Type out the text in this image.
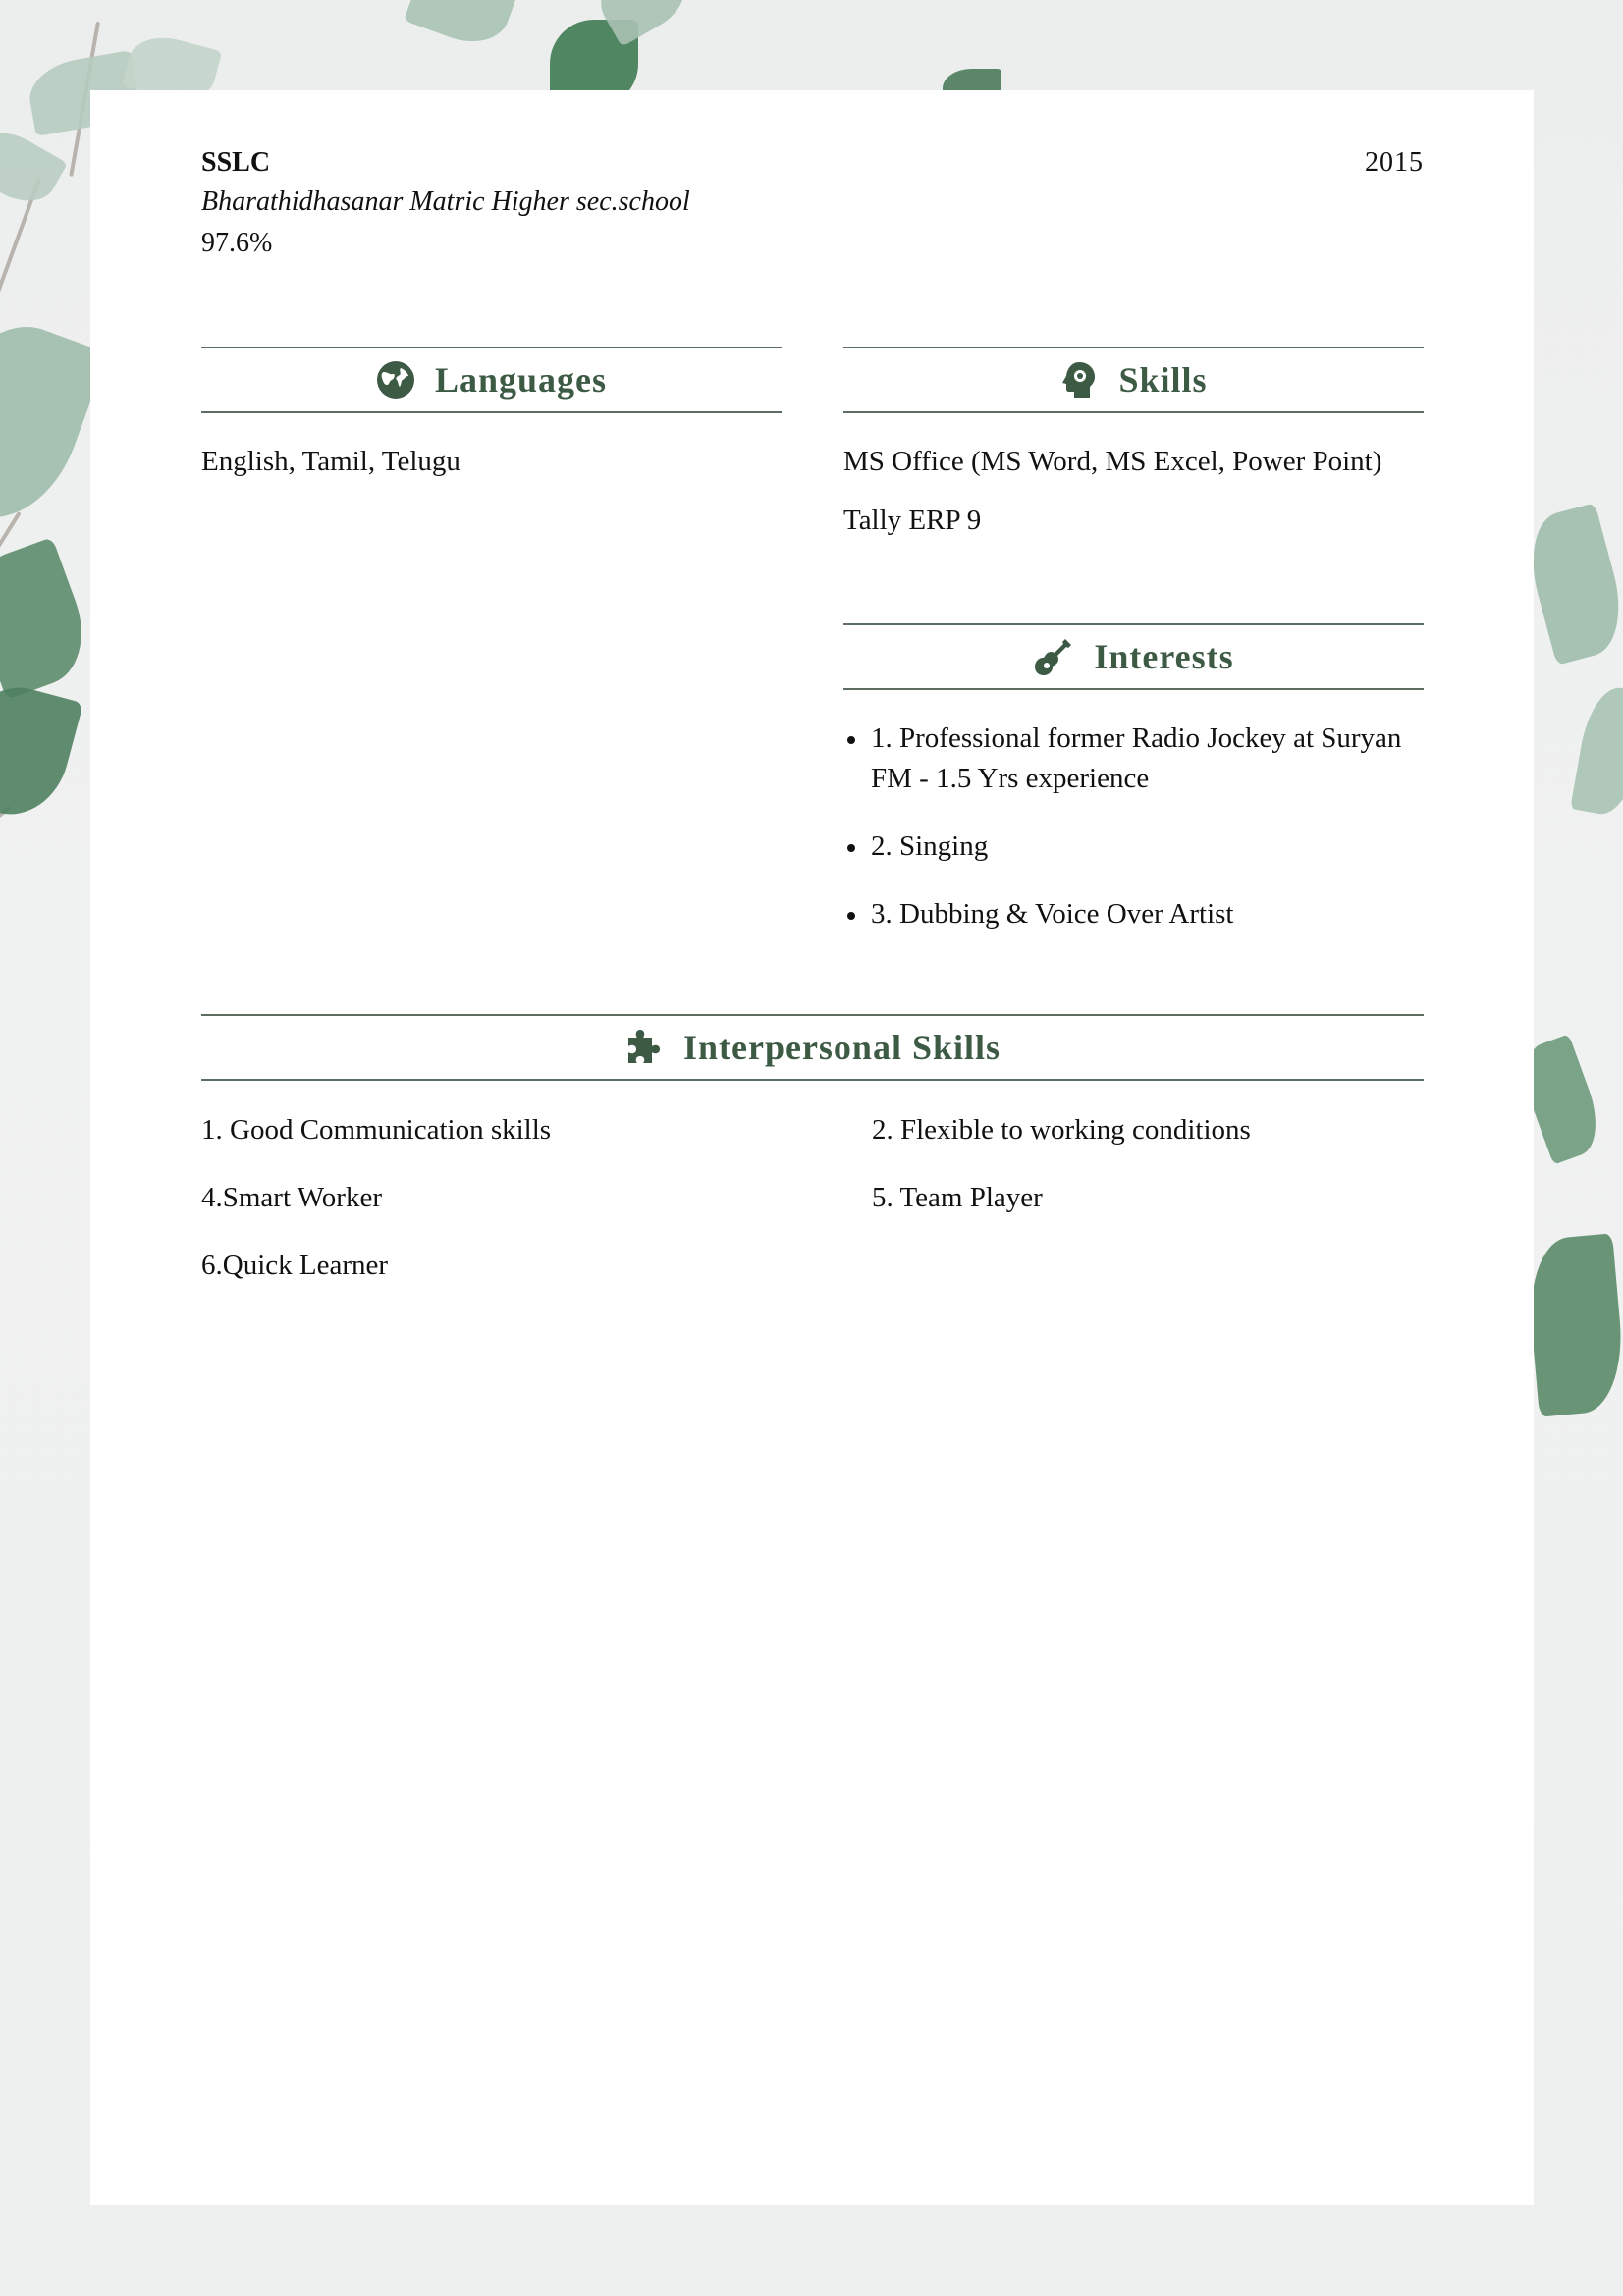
SSLC	2015
Bharathidhasanar Matric Higher sec.school
97.6%
Languages
English, Tamil, Telugu
Skills
MS Office (MS Word, MS Excel, Power Point)
Tally ERP 9
Interests
1. Professional former Radio Jockey at Suryan FM - 1.5 Yrs experience
2. Singing
3. Dubbing & Voice Over Artist
Interpersonal Skills
1. Good Communication skills	2. Flexible to working conditions
4.Smart Worker	5. Team Player
6.Quick Learner
